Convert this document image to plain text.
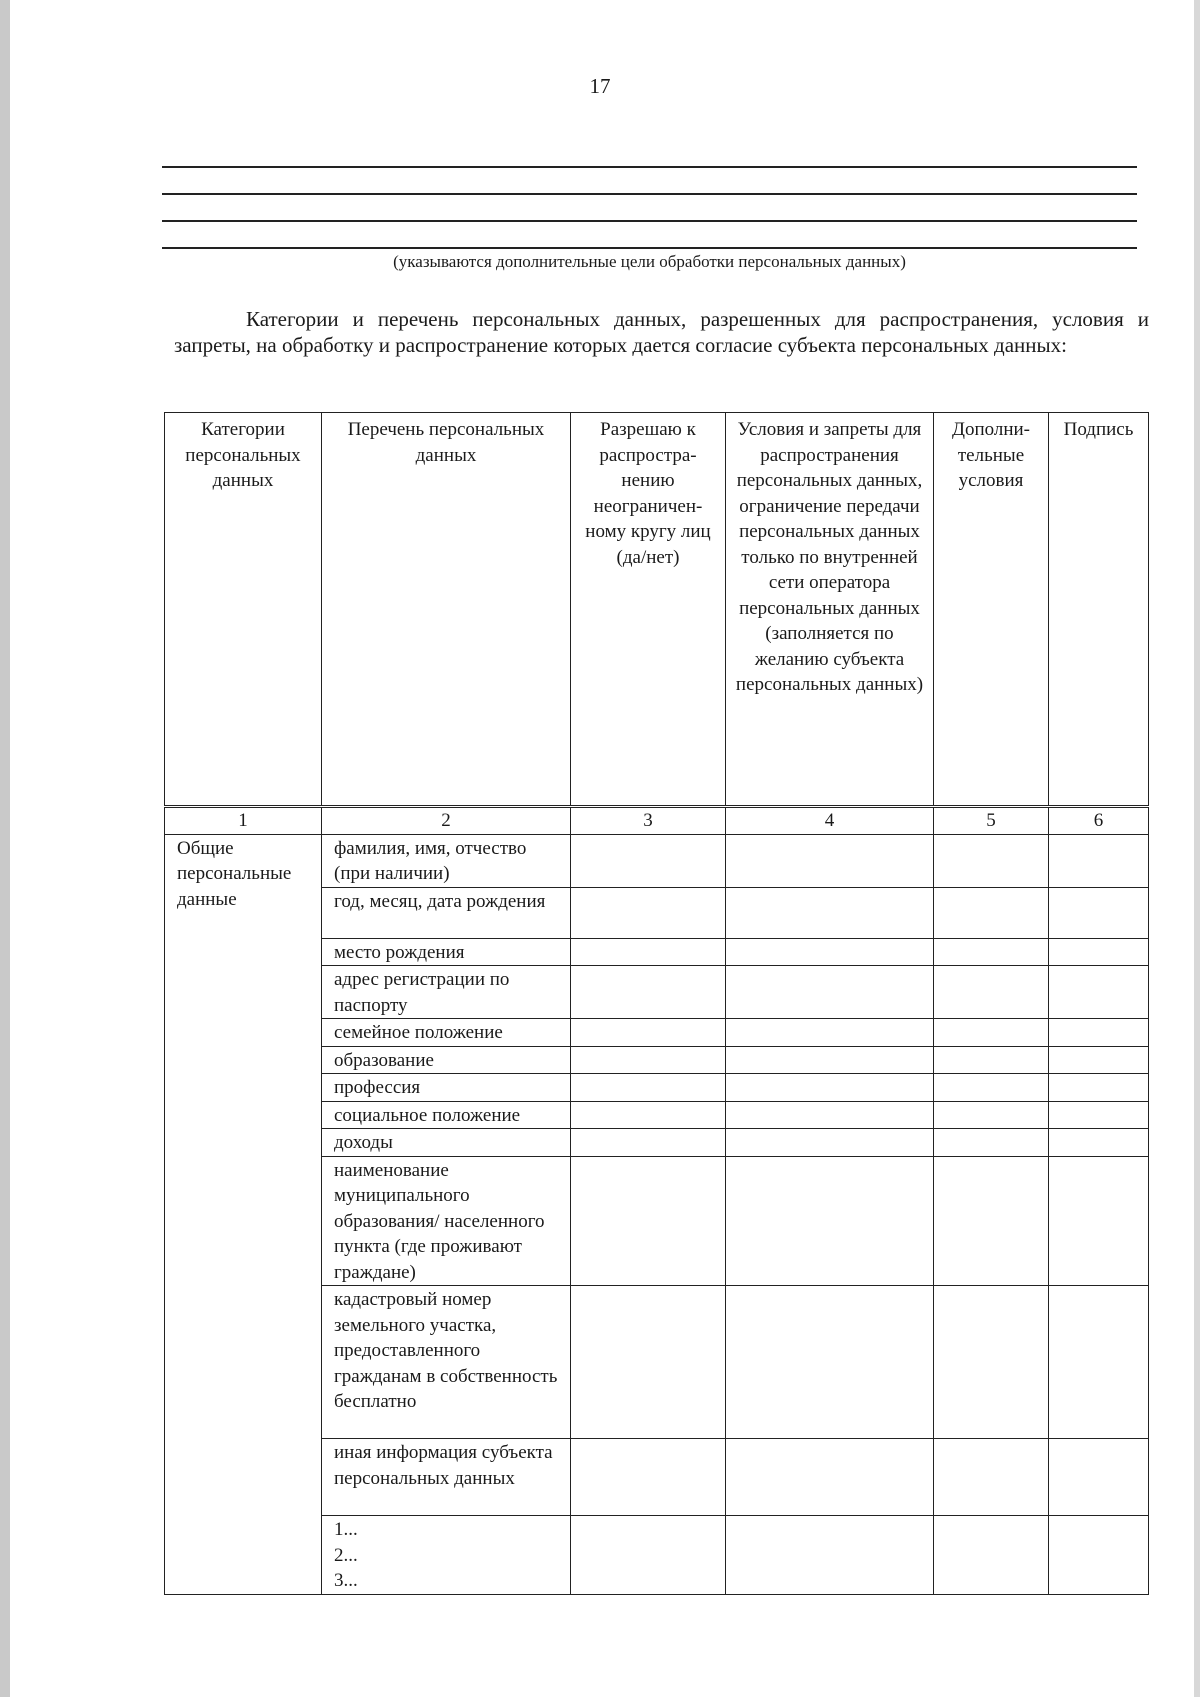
17
(указываются дополнительные цели обработки персональных данных)
Категории и перечень персональных данных, разрешенных для распространения, условия и запреты, на обработку и распространение которых дается согласие субъекта персональных данных:
Категории персональных данных	Перечень персональных данных	Разрешаю к распростра-нению неограничен-ному кругу лиц (да/нет)	Условия и запреты для распространения персональных данных, ограничение передачи персональных данных только по внутренней сети оператора персональных данных (заполняется по желанию субъекта персональных данных)	Дополни-тельные условия	Подпись
1	2	3	4	5	6
Общие персональные данные	фамилия, имя, отчество (при наличии)				
	год, месяц, дата рождения				
	место рождения				
	адрес регистрации по паспорту				
	семейное положение				
	образование				
	профессия				
	социальное положение				
	доходы				
	наименование муниципального образования/ населенного пункта (где проживают граждане)				
	кадастровый номер земельного участка, предоставленного гражданам в собственность бесплатно				
	иная информация субъекта персональных данных				

	1...
2...
3...				
